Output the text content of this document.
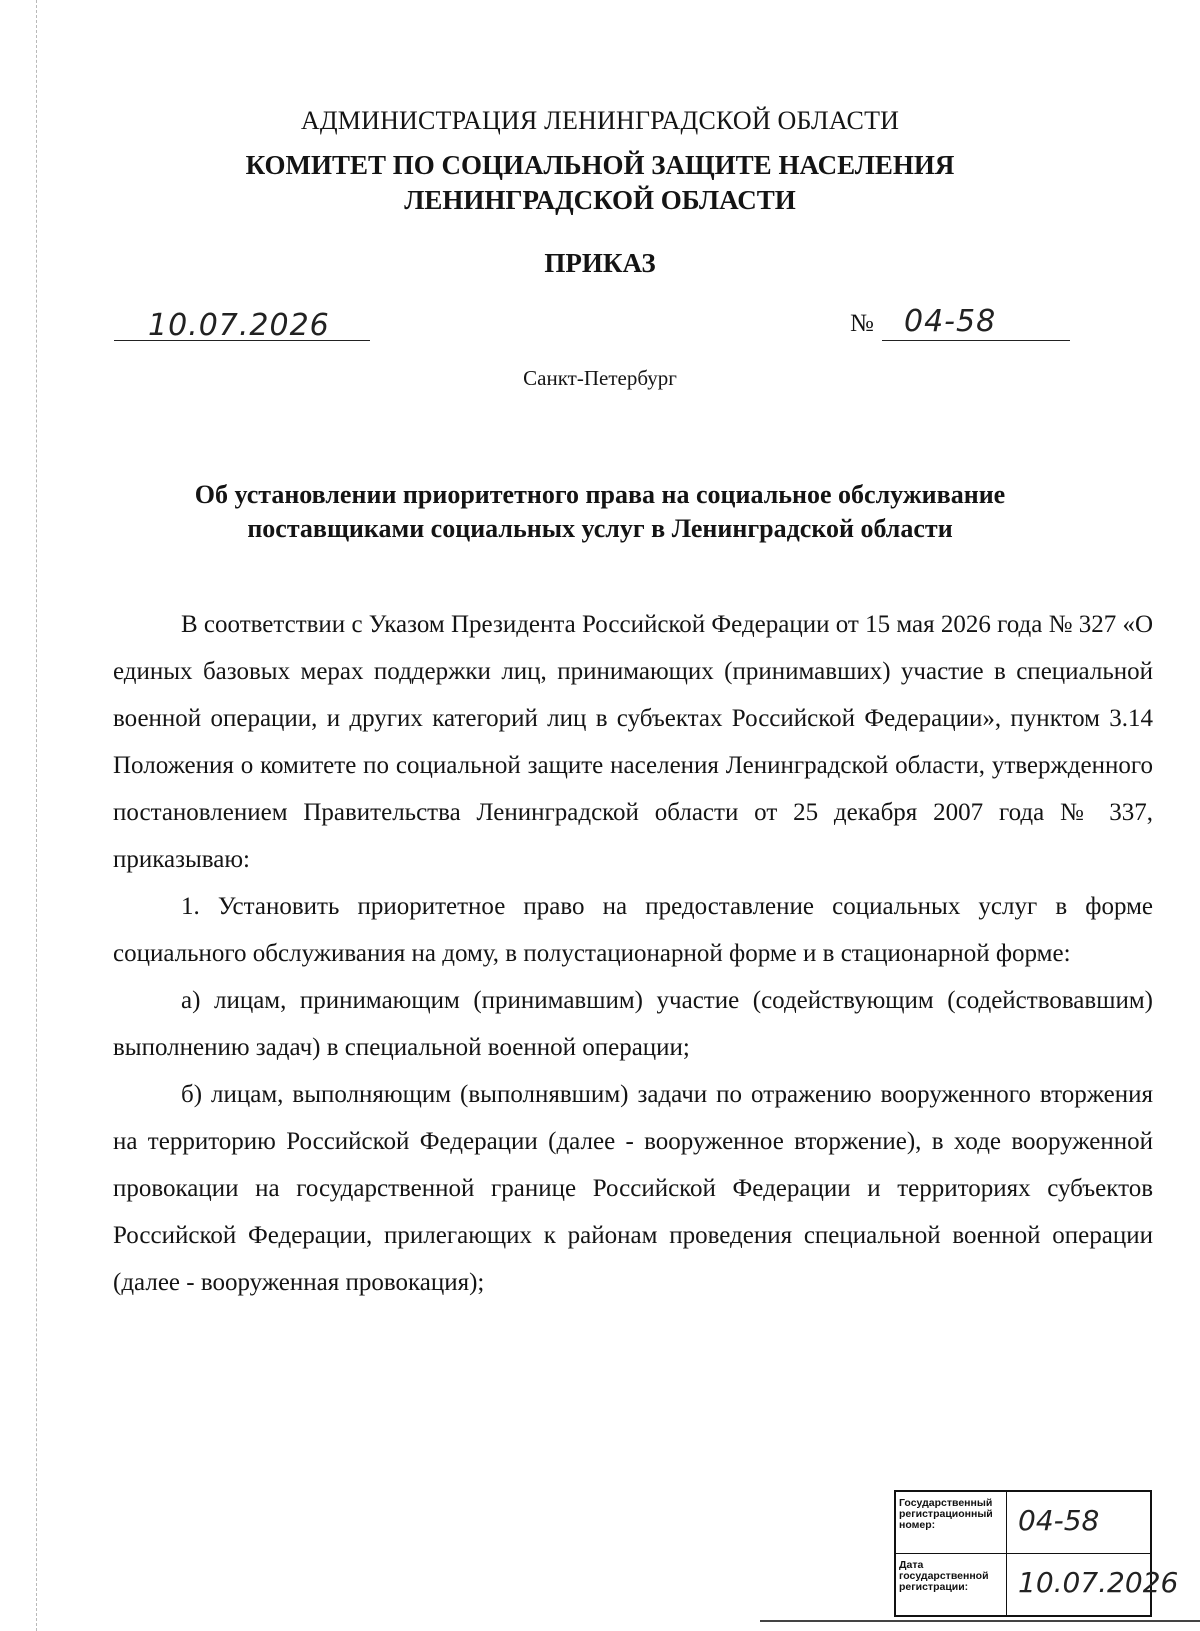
АДМИНИСТРАЦИЯ ЛЕНИНГРАДСКОЙ ОБЛАСТИ
КОМИТЕТ ПО СОЦИАЛЬНОЙ ЗАЩИТЕ НАСЕЛЕНИЯ
ЛЕНИНГРАДСКОЙ ОБЛАСТИ
ПРИКАЗ
10.07.2026	№ 04-58
Санкт-Петербург
Об установлении приоритетного права на социальное обслуживание
поставщиками социальных услуг в Ленинградской области

В соответствии с Указом Президента Российской Федерации от 15 мая 2026 года № 327 «О единых базовых мерах поддержки лиц, принимающих (принимавших) участие в специальной военной операции, и других категорий лиц в субъектах Российской Федерации», пунктом 3.14 Положения о комитете по социальной защите населения Ленинградской области, утвержденного постановлением Правительства Ленинградской области от 25 декабря 2007 года № 337, приказываю:

1. Установить приоритетное право на предоставление социальных услуг в форме социального обслуживания на дому, в полустационарной форме и в стационарной форме:

а) лицам, принимающим (принимавшим) участие (содействующим (содействовавшим) выполнению задач) в специальной военной операции;

б) лицам, выполняющим (выполнявшим) задачи по отражению вооруженного вторжения на территорию Российской Федерации (далее - вооруженное вторжение), в ходе вооруженной провокации на государственной границе Российской Федерации и территориях субъектов Российской Федерации, прилегающих к районам проведения специальной военной операции (далее - вооруженная провокация);

Государственный регистрационный номер:	04-58
Дата государственной регистрации:	10.07.2026
